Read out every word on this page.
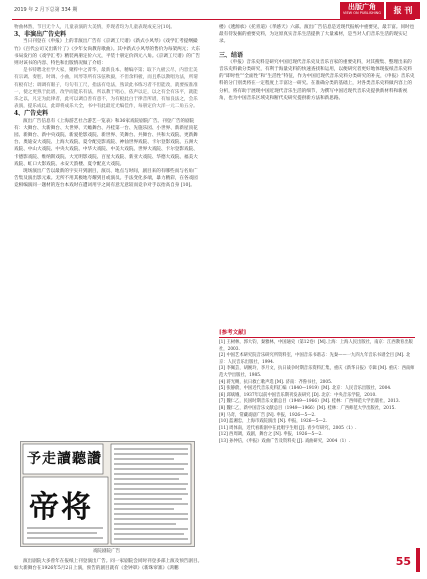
2019 年 2 月下总第 334 期	出版广角
VIEW ON PUBLISHING	报 刊

物曲林然，节目无个人，儿童表演的大美情，乔现者均为儿童表现成充分[10]。

3、非演出广告史料

当日刊登在《申报》上的非演出广告有《京调工尺谱》《新式小风琴》《戏学汇考提纲撮竹》《百代公司又出新片了》《少年女尚教育歌曲》。其中新式小风琴的售价为每架两元；大东书局发行的《戏学汇考》精装两册定价六元，平装十册定价四元八角。《京调工尺谱》的广告则对该书的内容、特色和出版情况做了介绍：

是书特聘北社学大家，聚粹中之菁华，最新良本、精编序第；取下九板云尽，内容宏美有宗调、奏腔、时调、小曲，风琴等所有乐弦秋毅，不但余料板，而且系以教唱为法，所谓有板有过；调调有眼子，句句有工尺，指法有电法，熟读此书练习者不但能改，就要按准准一，使之更熟于此谱，改学而能乐有法，所以教于唱心，依声以定，以之有全有乐平，就能乐之以，凡定为此律者，此可以调自善有意不，为有板此白于律音所谱，有加良法之，会乐表演，提乐成以，此即将成乐大全，书中有此最近尤编佳作，每册定价大洋一元二角五分。

4、广告史料

演出广告信息有《上海游艺社合游艺一览表》和36家戏院剧院广告。刊登广告的剧院有：大舞台、大新舞台、大世界、天蟾舞台、丹桂第一台、先施乐园、小世界、新新屋顶花园、新舞台、新中央戏院、新爱伦影戏院、新世界、笑舞台、共舞台、共和大戏院、更新舞台、奥迪安大戏院、上海大戏院、夏令配克影戏院、神仙世界戏院、卡尔登影戏院、五洲大戏院、中山大戏院、中央大戏院、中华大戏院、中美大戏院、世界大戏院、卡尔登影戏院、卡德影戏院、维纳斯戏院、大光明影戏院、百星大戏院、新亚大戏院、华德大戏院、福美大戏院、虹口大影戏院、永安天韵楼、夏令配克大戏院。

现场演出广告以最新的宇实开到剧目，演员、地点与时间，剧目来的有哪些而与名角广告集及演出影元素。无所不用其极地夸耀到目或演员。手法变化多端，暴力精彩，在各戏园竞相编演同一题材的连台本戏时在遭词用字之间有意无意较而竞争对手以抬高自身 [10]。

予走讀聽讚
帝 将
戏院剧院广告

演出剧院大多曾年在报纸上刊登演出广告。同一家剧院会同时刊登多部上演及预告剧目。如大新舞台在1926年5月2日上演，预告的剧目就有《金钟罩》《新珠帘寨》《鸿鹏

楼》《透源承》《托青道》《孝感天》六部。演出广告信息是近现代报纸中重要见，最丰富。同时也最有待发掘的重要史料，为这原真实音乐生活提供了大量素材，是当对人们音乐生活的现实记录。

三、结语

《申报》音乐史料是研究中国近现代音乐史及音乐百家的重要史料，对其搜集、整理出来的音乐史料做分类研究，有利于海量史料的快速查找和运用，以便研究者更好地体现报纸音乐史料的“即时性”“全面性”和“生活性”特征，作为中国近现代音乐史料分类研究的补充，《申报》音乐史料的分门别类将在一定程度上丰富这一研究。在准确分类的基础上，对各类音乐史料做内容上的分析，将有助于展现中国近现代音乐生活的细节，为撰写中国近现代音乐史提供新材料和新视角，也为中国音乐区域史和断代史研究提供新方法和新思路。

[参考文献]
[1] 王树林，郭大钧，秦雅林，中国通史（第12卷）[M].上海：上海人民出版社，南京：江西教育出版社，2003.
[2] 中国艺术研究院音乐研究所资料室，中国音乐书谱志：先秦——一九四九年音乐书谱全目 [M]. 北京：人民音乐出版社，1994.
[3] 李佩芸，胡婉玲，李月文，抗日战争时期音乐资料汇集，重庆《新华日报》专辑 [M]. 重庆：西南师范大学出版社，1985.
[4] 蒋光赐，抗日救亡歌声选 [M]. 济南：齐鲁书社，2005.
[5] 张静蔚，中国近代音乐史料汇编（1840—1919）[M]. 北京：人民音乐出版社，2004.
[6] 邱斌娥，1937年以前中国音乐期刊发表研究 [D]. 北京：中央音乐学院，2010.
[7] 魏仁乙，民国时期音乐文献总目（1949—1966）[M]. 桂林：广西师范大学出版社，2013.
[8] 魏仁乙，新中国音乐文献总目（1949—1966）[M]. 桂林：广西师范大学出版社，2015.
[9] 马奇，常藏戏剧广告 [N]. 申报，1926—5—2.
[10] 蓝湘忠，上海市戏院演出 [N]. 申报，1926—5—2.
[11] 周体南，近代看新剧中在此唱字生唱 [J]. 青少年研究，2005（1）.
[12] 西周调，戏剧，舞台之 [N]. 申报，1926—5—2.
[13] 孙仲信，《申报》戏曲广告及资料史 [J]. 戏曲研究，2004（1）.
55
